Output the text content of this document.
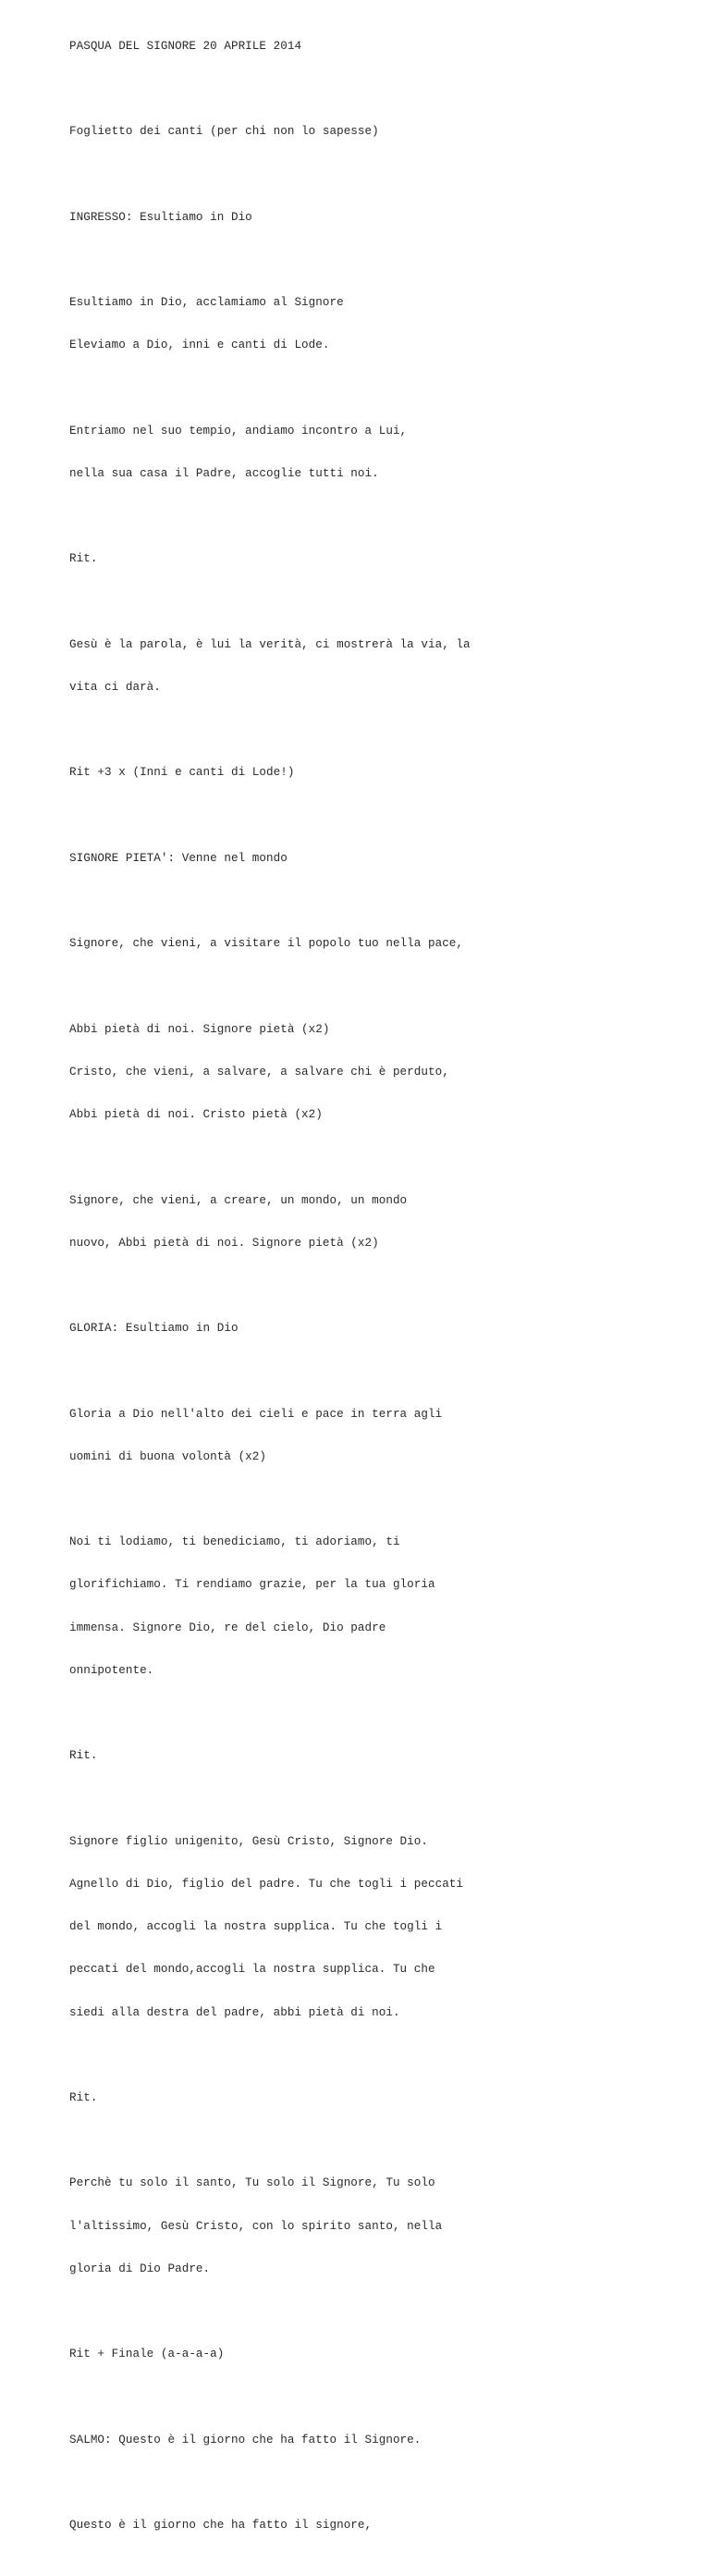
PASQUA DEL SIGNORE 20 APRILE 2014

Foglietto dei canti (per chi non lo sapesse)

INGRESSO: Esultiamo in Dio

Esultiamo in Dio, acclamiamo al Signore

Eleviamo a Dio, inni e canti di Lode.

Entriamo nel suo tempio, andiamo incontro a Lui,

nella sua casa il Padre, accoglie tutti noi.

Rit.

Gesù è la parola, è lui la verità, ci mostrerà la via, la

vita ci darà.

Rit +3 x (Inni e canti di Lode!)

SIGNORE PIETA': Venne nel mondo

Signore, che vieni, a visitare il popolo tuo nella pace,

Abbi pietà di noi. Signore pietà (x2)

Cristo, che vieni, a salvare, a salvare chi è perduto,

Abbi pietà di noi. Cristo pietà (x2)

Signore, che vieni, a creare, un mondo, un mondo

nuovo, Abbi pietà di noi. Signore pietà (x2)

GLORIA: Esultiamo in Dio

Gloria a Dio nell'alto dei cieli e pace in terra agli

uomini di buona volontà (x2)

Noi ti lodiamo, ti benediciamo, ti adoriamo, ti

glorifichiamo. Ti rendiamo grazie, per la tua gloria

immensa. Signore Dio, re del cielo, Dio padre

onnipotente.

Rit.

Signore figlio unigenito, Gesù Cristo, Signore Dio.

Agnello di Dio, figlio del padre. Tu che togli i peccati

del mondo, accogli la nostra supplica. Tu che togli i

peccati del mondo,accogli la nostra supplica. Tu che

siedi alla destra del padre, abbi pietà di noi.

Rit.

Perchè tu solo il santo, Tu solo il Signore, Tu solo

l'altissimo, Gesù Cristo, con lo spirito santo, nella

gloria di Dio Padre.

Rit + Finale (a-a-a-a)

SALMO: Questo è il giorno che ha fatto il Signore.

Questo è il giorno che ha fatto il signore,
